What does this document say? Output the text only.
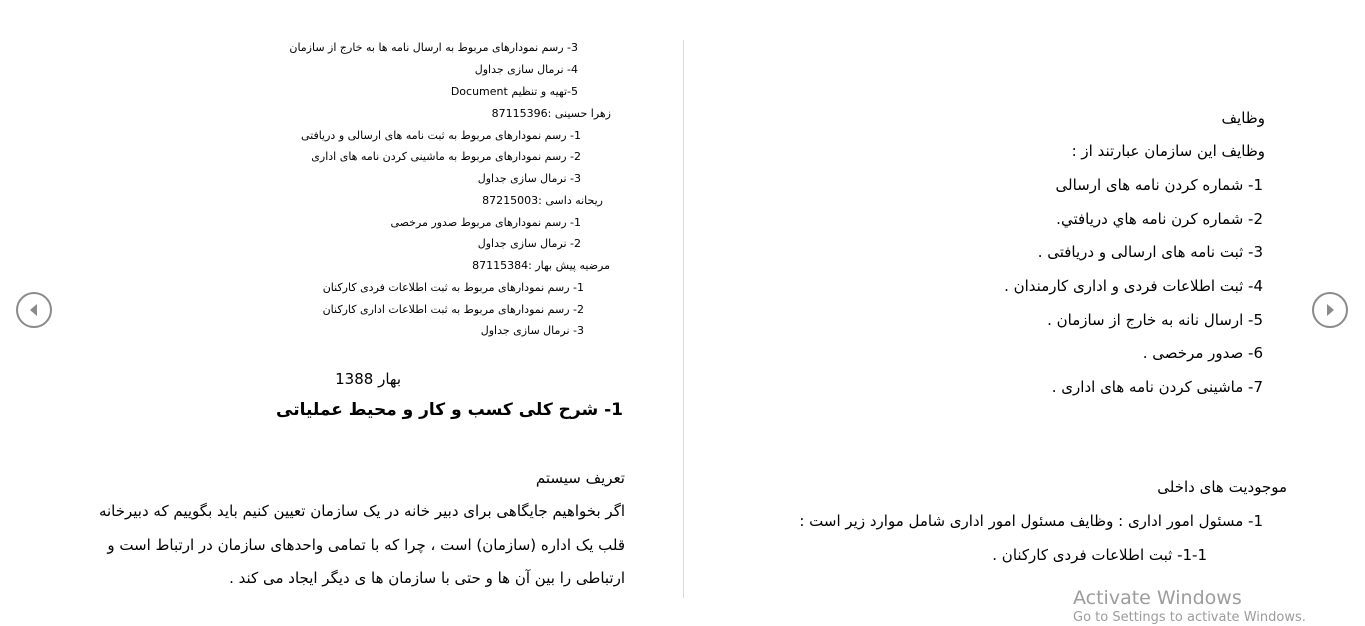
3- رسم نمودارهای مربوط به ارسال نامه ها به خارج از سازمان
4- نرمال سازی جداول
5-تهیه و تنظیم Document
زهرا حسینی :87115396
1- رسم نمودارهای مربوط به ثبت نامه های ارسالی و دریافتی
2- رسم نمودارهای مربوط به ماشینی کردن نامه های اداری
3- نرمال سازی جداول
ریحانه داسی :87215003
1- رسم نمودارهای مربوط صدور مرخصی
2- نرمال سازی جداول
مرضیه پیش بهار :87115384
1- رسم نمودارهای مربوط به ثبت اطلاعات فردی کارکنان
2- رسم نمودارهای مربوط به ثبت اطلاعات اداری کارکنان
3- نرمال سازی جداول
بهار 1388
1- شرح کلی کسب و کار و محیط عملیاتی
تعریف سیستم
اگر بخواهیم جایگاهی برای دبیر خانه در یک سازمان تعیین کنیم باید بگوییم که دبیرخانه
قلب یک اداره (سازمان) است ، چرا که با تمامی واحدهای سازمان در ارتباط است و
ارتباطی را بین آن ها و حتی با سازمان ها ی دیگر ایجاد می کند .
وظایف
وظایف این سازمان عبارتند از :
1- شماره کردن نامه های ارسالی
2- شماره کرن نامه هاي دريافتي.
3- ثبت نامه های ارسالی و دریافتی .
4- ثبت اطلاعات فردی و اداری کارمندان .
5- ارسال نانه به خارج از سازمان .
6- صدور مرخصی .
7- ماشینی کردن نامه های اداری .
موجودیت های داخلی
1- مسئول امور اداری : وظایف مسئول امور اداری شامل موارد زیر است :
1-1- ثبت اطلاعات فردی کارکنان .
Activate Windows
Go to Settings to activate Windows.
